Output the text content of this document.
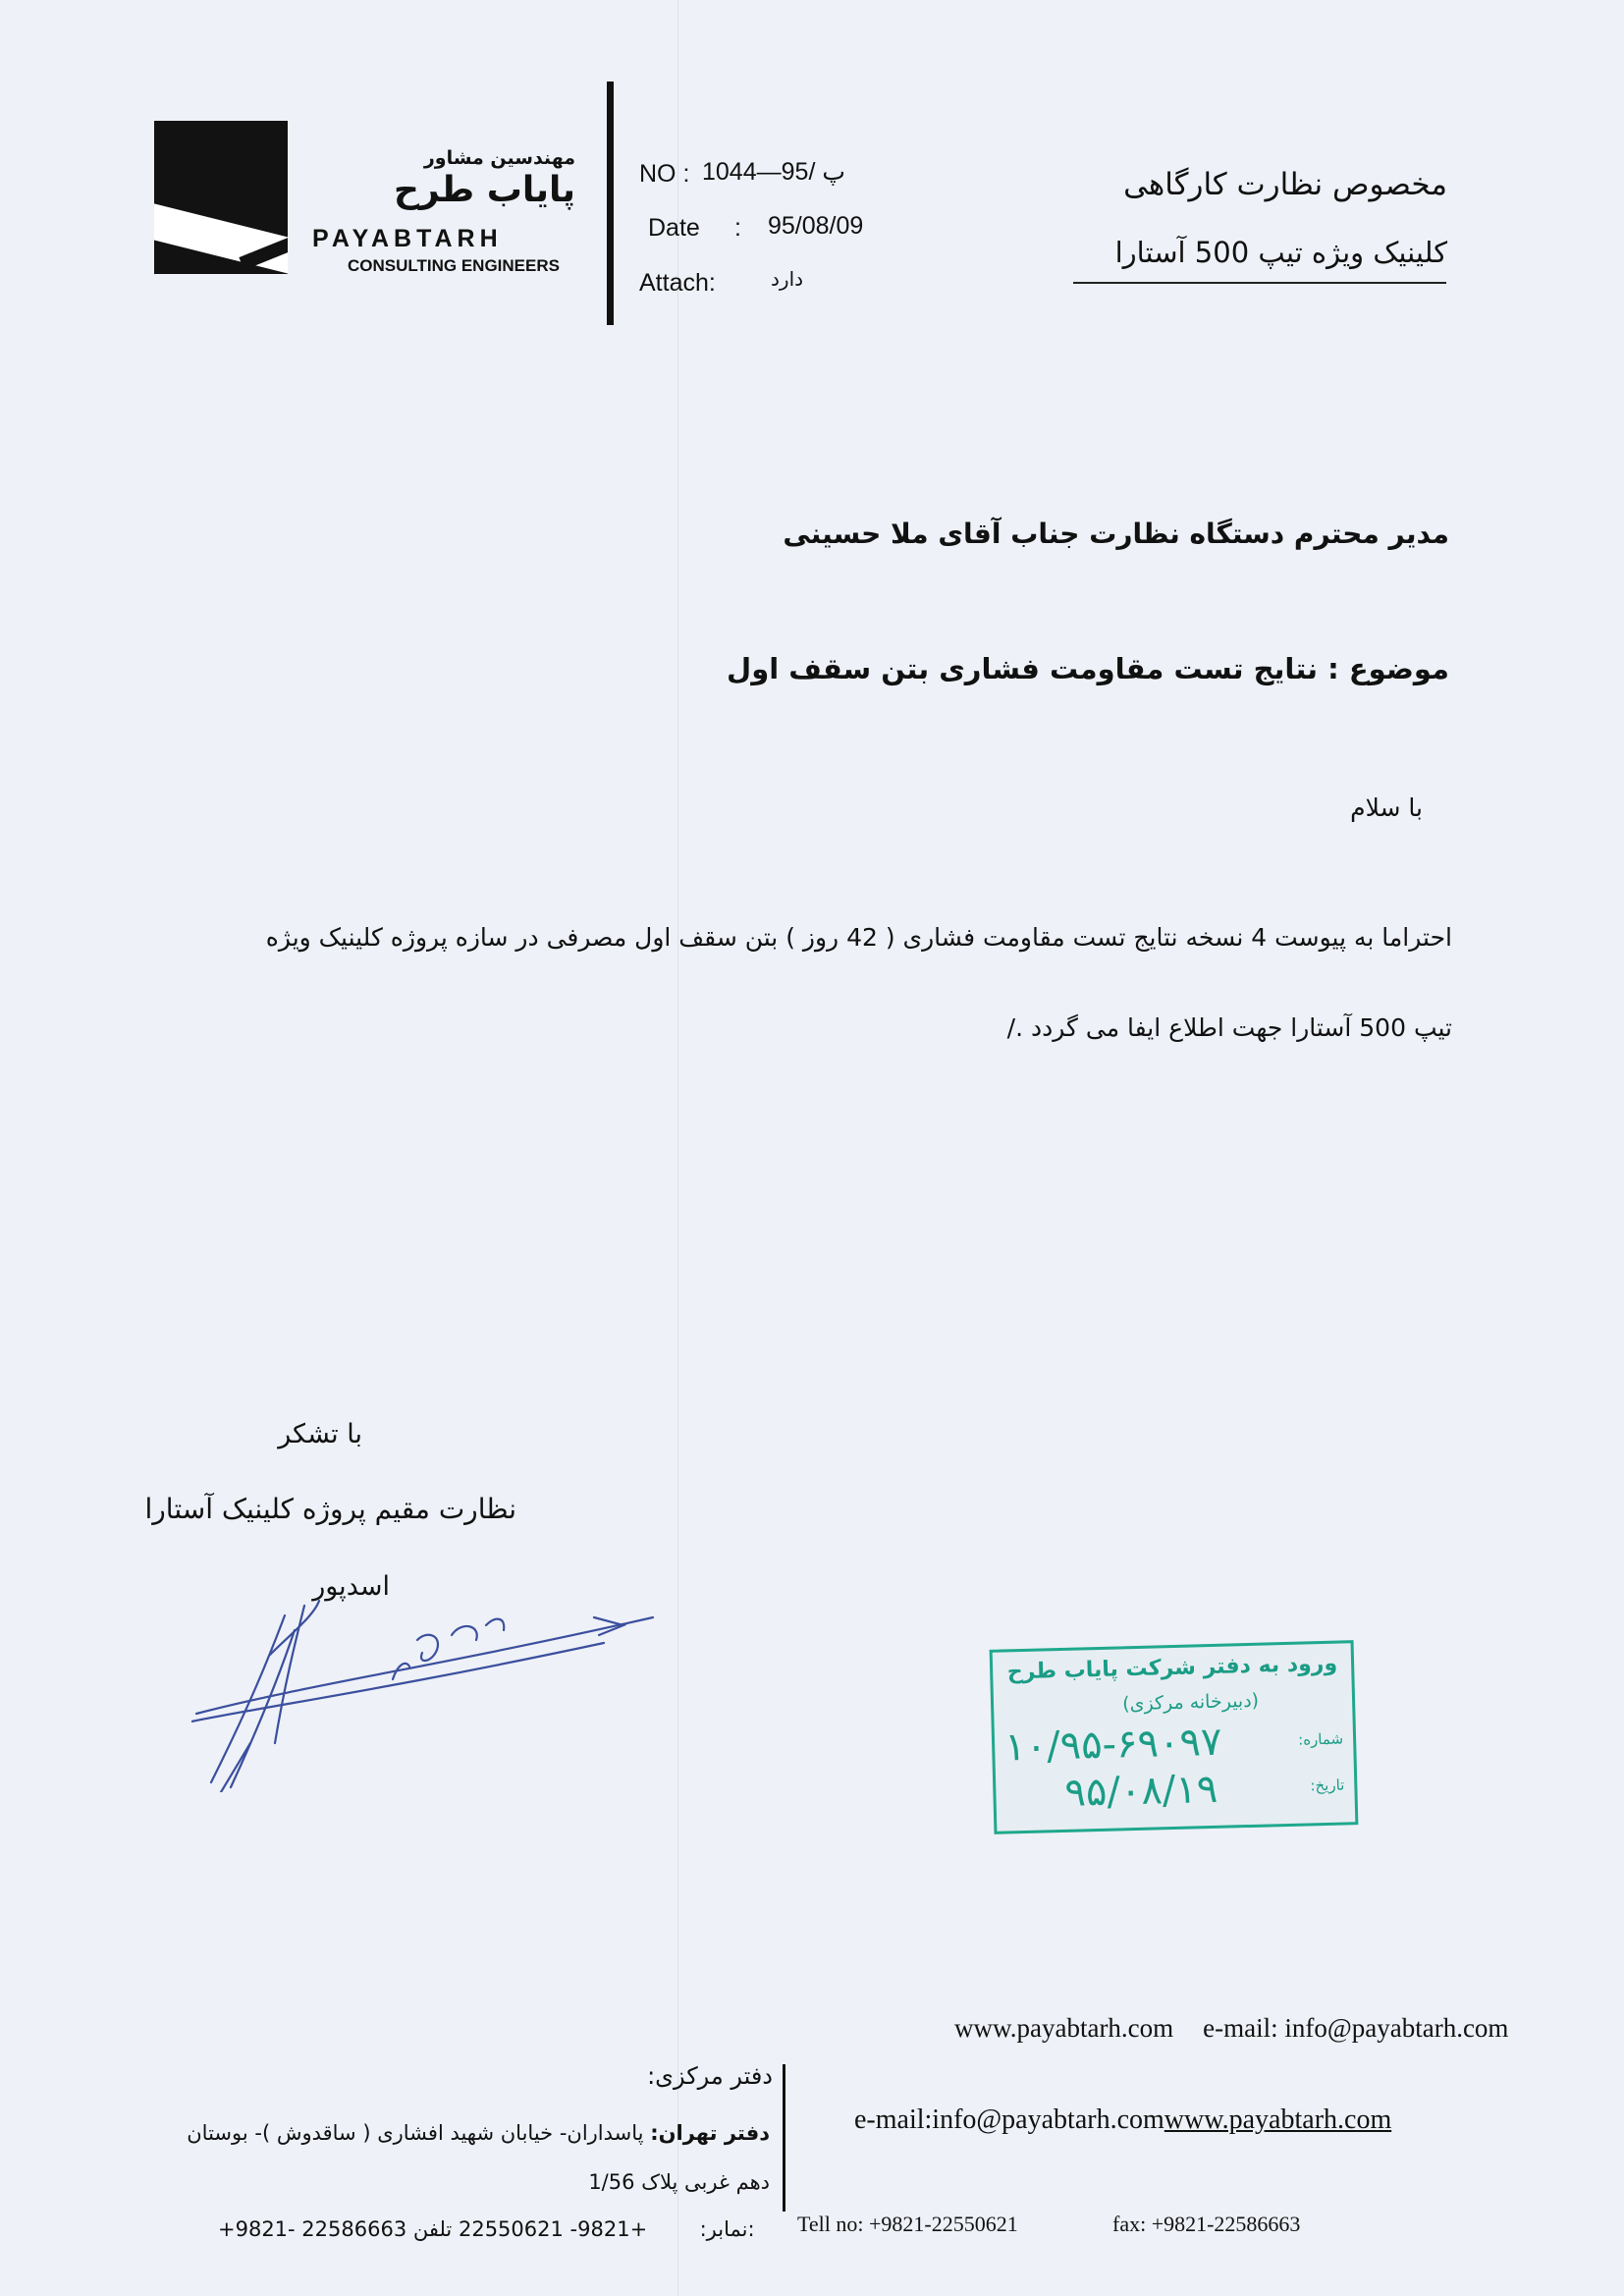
مهندسین مشاور
پایاب طرح
PAYABTARH
CONSULTING ENGINEERS
NO : پ /95—1044
Date : 95/08/09
Attach:	دارد
مخصوص نظارت کارگاهی
کلینیک ویژه تیپ 500 آستارا
مدیر محترم دستگاه نظارت جناب آقای ملا حسینی
موضوع : نتایج تست مقاومت فشاری بتن سقف اول
با سلام
احتراما به پیوست 4 نسخه نتایج تست مقاومت فشاری ( 42 روز ) بتن سقف اول مصرفی در سازه پروژه کلینیک ویژه
تیپ 500 آستارا جهت اطلاع ایفا می گردد ./
با تشکر
نظارت مقیم پروژه کلینیک آستارا
اسدپور
ورود به دفتر شرکت پایاب طرح
(دبیرخانه مرکزی)
شماره:
۱۰/۹۵-۶۹۰۹۷
تاریخ:
۹۵/۰۸/۱۹
www.payabtarh.com e-mail: info@payabtarh.com
دفتر مرکزی:
دفتر تهران: پاسداران- خیابان شهید افشاری ( ساقدوش )- بوستان
دهم غربی پلاک 1/56
+9821- 22586663	نمابر:  +9821- 22550621 تلفن:
e-mail:info@payabtarh.comwww.payabtarh.com
Tell no: +9821-22550621	fax: +9821-22586663
